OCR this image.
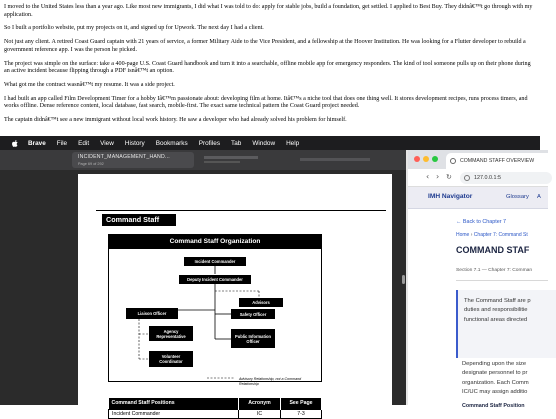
I moved to the United States less than a year ago. Like most new immigrants, I did what I was told to do: apply for stable jobs, build a foundation, get settled. I applied to Best Buy. They didnâ€™t go through with my application.

So I built a portfolio website, put my projects on it, and signed up for Upwork. The next day I had a client.

Not just any client. A retired Coast Guard captain with 21 years of service, a former Military Aide to the Vice President, and a fellowship at the Hoover Institution. He was looking for a Flutter developer to rebuild a government reference app. I was the person he picked.

The project was simple on the surface: take a 400-page U.S. Coast Guard handbook and turn it into a searchable, offline mobile app for emergency responders. The kind of tool someone pulls up on their phone during an active incident because flipping through a PDF isnâ€™t an option.

What got me the contract wasnâ€™t my resume. It was a side project.

I had built an app called Film Development Timer for a hobby Iâ€™m passionate about: developing film at home. Itâ€™s a niche tool that does one thing well. It stores development recipes, runs process timers, and works offline. Dense reference content, local database, fast search, mobile-first. The exact same technical pattern the Coast Guard project needed.

The captain didnâ€™t see a new immigrant without local work history. He saw a developer who had already solved his problem for himself.

Brave File Edit View History Bookmarks Profiles Tab Window Help
INCIDENT_MANAGEMENT_HAND...
Page 69 of 292
Command Staff
Command Staff Organization
Incident Commander
Deputy Incident Commander
Advisors
Liaison Officer	Safety Officer
Agency Representative	Public Information Officer
Volunteer Coordinator
Advisory Relationship, not a Command Relationship
Command Staff Positions	Acronym	See Page
Incident Commander	IC	7-3
COMMAND STAFF OVERVIEW
‹ › ↻	127.0.0.1:5
IMH Navigator	Glossary A
← Back to Chapter 7
Home › Chapter 7: Command St
COMMAND STAF
Section 7.1 — Chapter 7: Comman

The Command Staff are p

duties and responsibilitie

functional areas directed

Depending upon the size
designate personnel to pr
organization. Each Comm
IC/UC may assign additio
Command Staff Position
